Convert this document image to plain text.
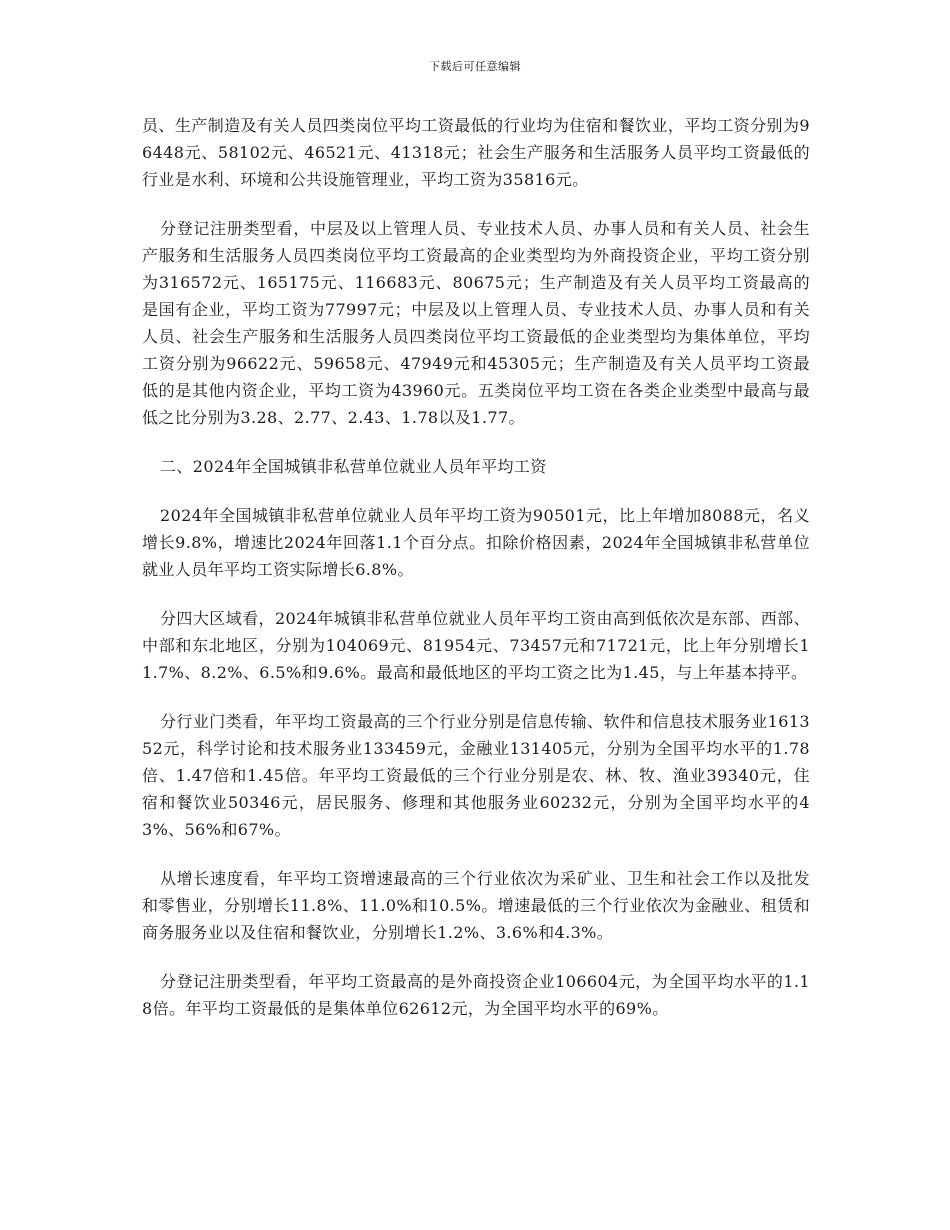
下载后可任意编辑

员、生产制造及有关人员四类岗位平均工资最低的行业均为住宿和餐饮业，平均工资分别为96448元、58102元、46521元、41318元；社会生产服务和生活服务人员平均工资最低的行业是水利、环境和公共设施管理业，平均工资为35816元。

分登记注册类型看，中层及以上管理人员、专业技术人员、办事人员和有关人员、社会生产服务和生活服务人员四类岗位平均工资最高的企业类型均为外商投资企业，平均工资分别为316572元、165175元、116683元、80675元；生产制造及有关人员平均工资最高的是国有企业，平均工资为77997元；中层及以上管理人员、专业技术人员、办事人员和有关人员、社会生产服务和生活服务人员四类岗位平均工资最低的企业类型均为集体单位，平均工资分别为96622元、59658元、47949元和45305元；生产制造及有关人员平均工资最低的是其他内资企业，平均工资为43960元。五类岗位平均工资在各类企业类型中最高与最低之比分别为3.28、2.77、2.43、1.78以及1.77。

二、2024年全国城镇非私营单位就业人员年平均工资

2024年全国城镇非私营单位就业人员年平均工资为90501元，比上年增加8088元，名义增长9.8%，增速比2024年回落1.1个百分点。扣除价格因素，2024年全国城镇非私营单位就业人员年平均工资实际增长6.8%。

分四大区域看，2024年城镇非私营单位就业人员年平均工资由高到低依次是东部、西部、中部和东北地区，分别为104069元、81954元、73457元和71721元，比上年分别增长11.7%、8.2%、6.5%和9.6%。最高和最低地区的平均工资之比为1.45，与上年基本持平。

分行业门类看，年平均工资最高的三个行业分别是信息传输、软件和信息技术服务业161352元，科学讨论和技术服务业133459元，金融业131405元，分别为全国平均水平的1.78倍、1.47倍和1.45倍。年平均工资最低的三个行业分别是农、林、牧、渔业39340元，住宿和餐饮业50346元，居民服务、修理和其他服务业60232元，分别为全国平均水平的43%、56%和67%。

从增长速度看，年平均工资增速最高的三个行业依次为采矿业、卫生和社会工作以及批发和零售业，分别增长11.8%、11.0%和10.5%。增速最低的三个行业依次为金融业、租赁和商务服务业以及住宿和餐饮业，分别增长1.2%、3.6%和4.3%。

分登记注册类型看，年平均工资最高的是外商投资企业106604元，为全国平均水平的1.18倍。年平均工资最低的是集体单位62612元，为全国平均水平的69%。
